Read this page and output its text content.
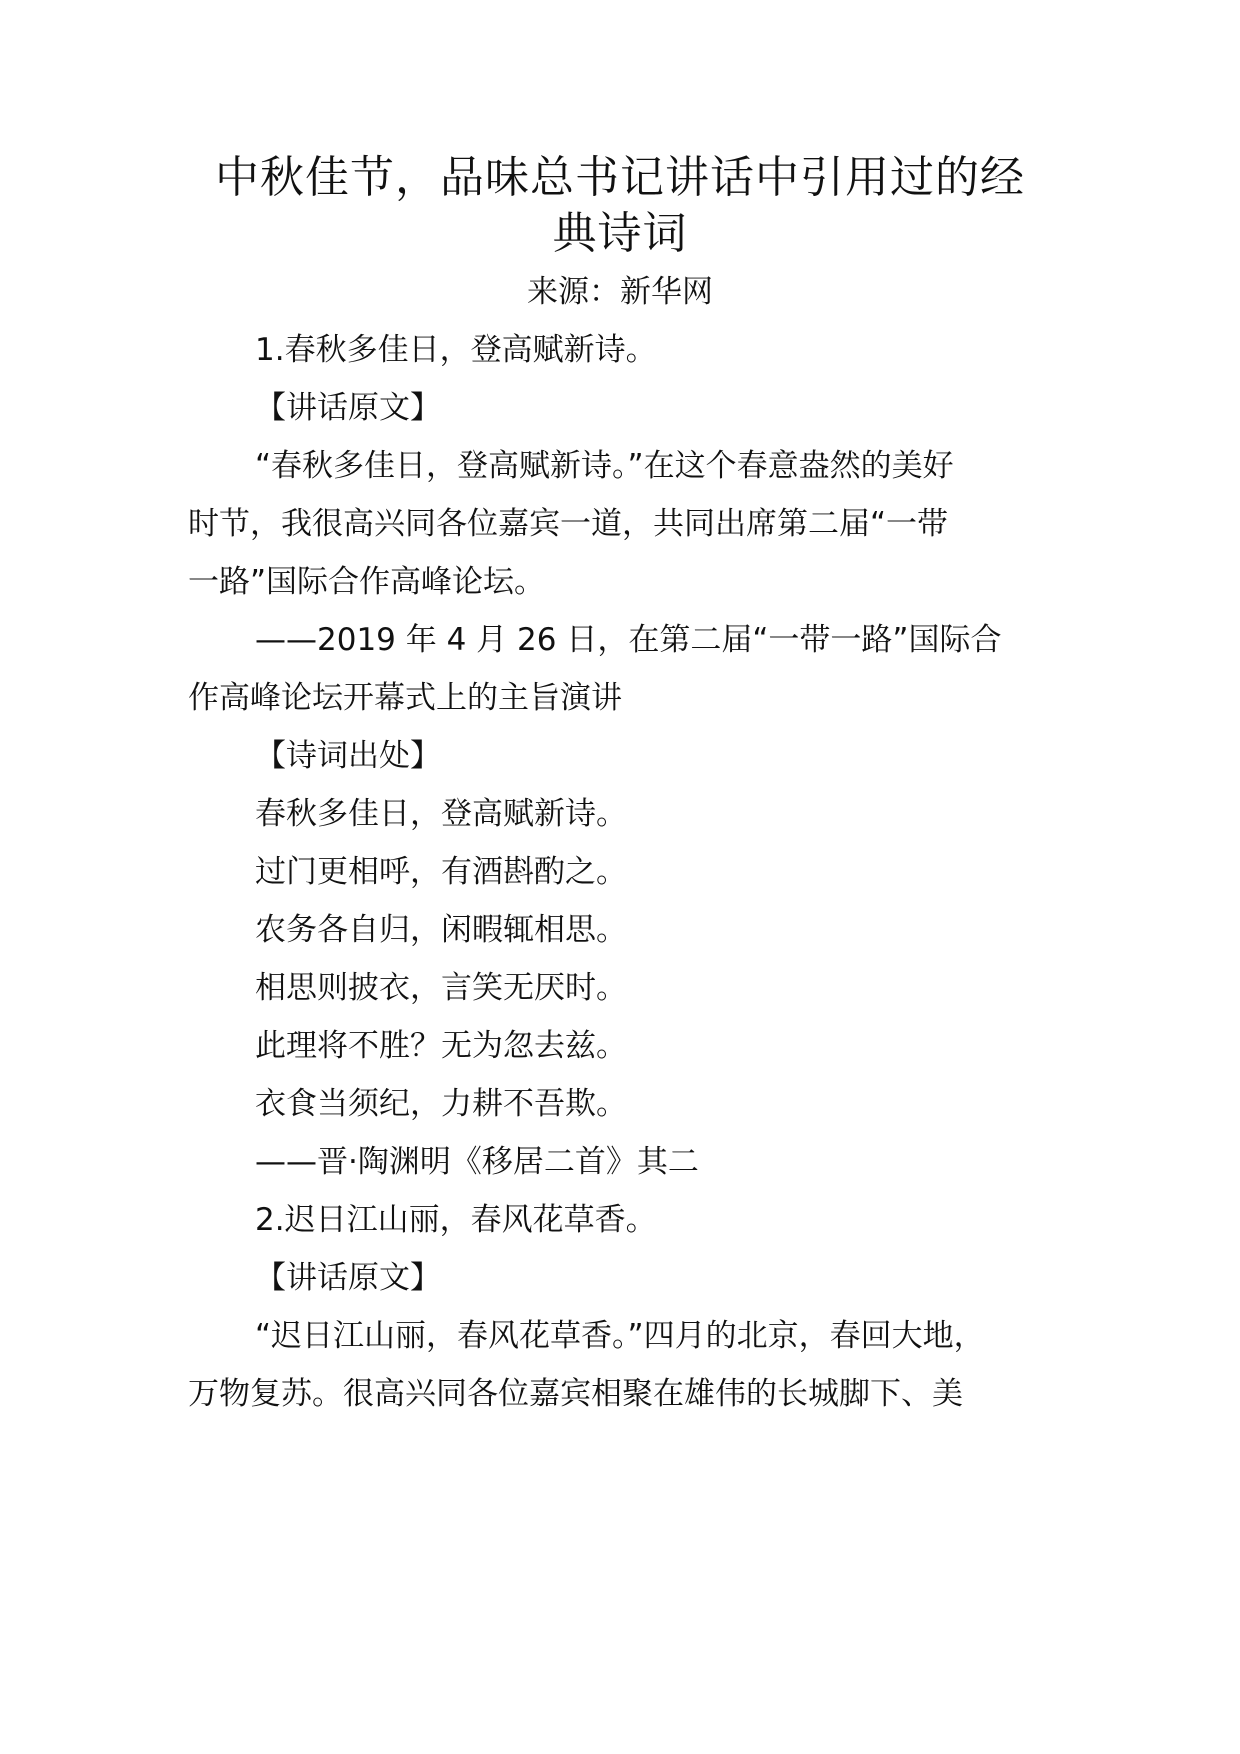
中秋佳节，品味总书记讲话中引用过的经
典诗词
来源：新华网
1.春秋多佳日，登高赋新诗。
【讲话原文】
“春秋多佳日，登高赋新诗。”在这个春意盎然的美好
时节，我很高兴同各位嘉宾一道，共同出席第二届“一带
一路”国际合作高峰论坛。
——2019 年 4 月 26 日，在第二届“一带一路”国际合
作高峰论坛开幕式上的主旨演讲
【诗词出处】
春秋多佳日，登高赋新诗。
过门更相呼，有酒斟酌之。
农务各自归，闲暇辄相思。
相思则披衣，言笑无厌时。
此理将不胜？无为忽去兹。
衣食当须纪，力耕不吾欺。
——晋·陶渊明《移居二首》其二
2.迟日江山丽，春风花草香。
【讲话原文】
“迟日江山丽，春风花草香。”四月的北京，春回大地，
万物复苏。很高兴同各位嘉宾相聚在雄伟的长城脚下、美
